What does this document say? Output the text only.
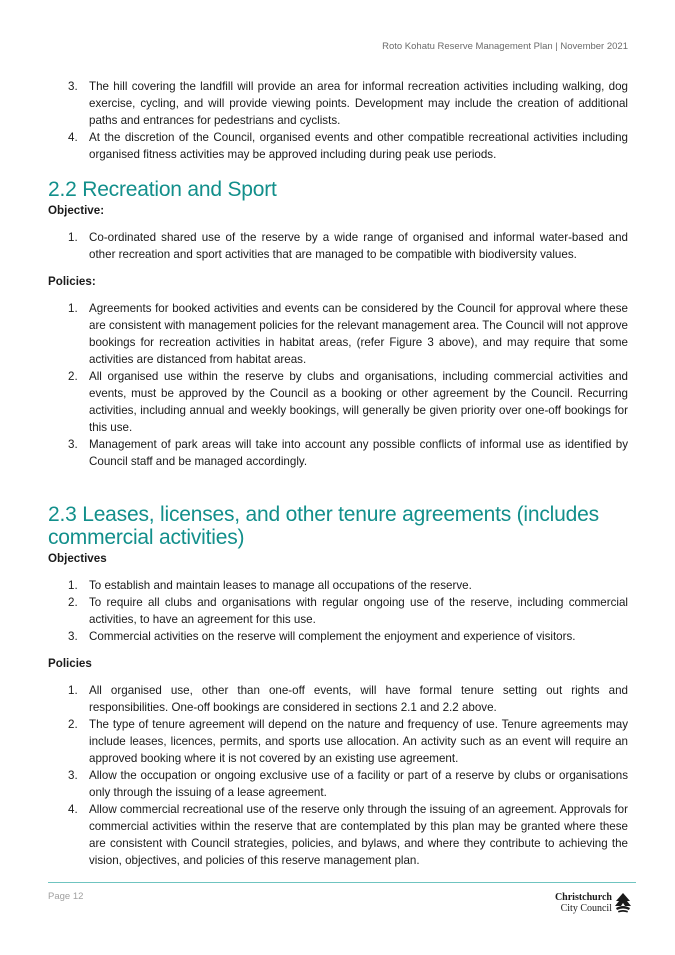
Roto Kohatu Reserve Management Plan | November 2021
3. The hill covering the landfill will provide an area for informal recreation activities including walking, dog exercise, cycling, and will provide viewing points. Development may include the creation of additional paths and entrances for pedestrians and cyclists.
4. At the discretion of the Council, organised events and other compatible recreational activities including organised fitness activities may be approved including during peak use periods.
2.2 Recreation and Sport
Objective:
1. Co-ordinated shared use of the reserve by a wide range of organised and informal water-based and other recreation and sport activities that are managed to be compatible with biodiversity values.
Policies:
1. Agreements for booked activities and events can be considered by the Council for approval where these are consistent with management policies for the relevant management area. The Council will not approve bookings for recreation activities in habitat areas, (refer Figure 3 above), and may require that some activities are distanced from habitat areas.
2. All organised use within the reserve by clubs and organisations, including commercial activities and events, must be approved by the Council as a booking or other agreement by the Council. Recurring activities, including annual and weekly bookings, will generally be given priority over one-off bookings for this use.
3. Management of park areas will take into account any possible conflicts of informal use as identified by Council staff and be managed accordingly.
2.3 Leases, licenses, and other tenure agreements (includes commercial activities)
Objectives
1. To establish and maintain leases to manage all occupations of the reserve.
2. To require all clubs and organisations with regular ongoing use of the reserve, including commercial activities, to have an agreement for this use.
3. Commercial activities on the reserve will complement the enjoyment and experience of visitors.
Policies
1. All organised use, other than one-off events, will have formal tenure setting out rights and responsibilities. One-off bookings are considered in sections 2.1 and 2.2 above.
2. The type of tenure agreement will depend on the nature and frequency of use. Tenure agreements may include leases, licences, permits, and sports use allocation. An activity such as an event will require an approved booking where it is not covered by an existing use agreement.
3. Allow the occupation or ongoing exclusive use of a facility or part of a reserve by clubs or organisations only through the issuing of a lease agreement.
4. Allow commercial recreational use of the reserve only through the issuing of an agreement. Approvals for commercial activities within the reserve that are contemplated by this plan may be granted where these are consistent with Council strategies, policies, and bylaws, and where they contribute to achieving the vision, objectives, and policies of this reserve management plan.
Page 12	Christchurch
City Council
